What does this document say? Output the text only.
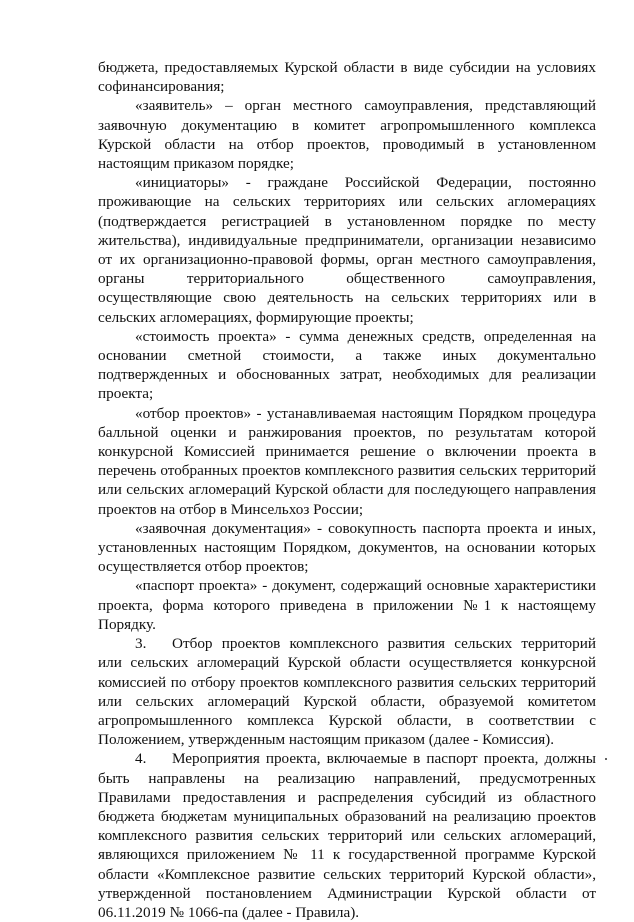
бюджета, предоставляемых Курской области в виде субсидии на условиях софинансирования;

«заявитель» – орган местного самоуправления, представляющий заявочную документацию в комитет агропромышленного комплекса Курской области на отбор проектов, проводимый в установленном настоящим приказом порядке;

«инициаторы» - граждане Российской Федерации, постоянно проживающие на сельских территориях или сельских агломерациях (подтверждается регистрацией в установленном порядке по месту жительства), индивидуальные предприниматели, организации независимо от их организационно-правовой формы, орган местного самоуправления, органы территориального общественного самоуправления, осуществляющие свою деятельность на сельских территориях или в сельских агломерациях, формирующие проекты;

«стоимость проекта» - сумма денежных средств, определенная на основании сметной стоимости, а также иных документально подтвержденных и обоснованных затрат, необходимых для реализации проекта;

«отбор проектов» - устанавливаемая настоящим Порядком процедура балльной оценки и ранжирования проектов, по результатам которой конкурсной Комиссией принимается решение о включении проекта в перечень отобранных проектов комплексного развития сельских территорий или сельских агломераций Курской области для последующего направления проектов на отбор в Минсельхоз России;

«заявочная документация» - совокупность паспорта проекта и иных, установленных настоящим Порядком, документов, на основании которых осуществляется отбор проектов;

«паспорт проекта» - документ, содержащий основные характеристики проекта, форма которого приведена в приложении №1 к настоящему Порядку.

3. Отбор проектов комплексного развития сельских территорий или сельских агломераций Курской области осуществляется конкурсной комиссией по отбору проектов комплексного развития сельских территорий или сельских агломераций Курской области, образуемой комитетом агропромышленного комплекса Курской области, в соответствии с Положением, утвержденным настоящим приказом (далее - Комиссия).

4. Мероприятия проекта, включаемые в паспорт проекта, должны быть направлены на реализацию направлений, предусмотренных Правилами предоставления и распределения субсидий из областного бюджета бюджетам муниципальных образований на реализацию проектов комплексного развития сельских территорий или сельских агломераций, являющихся приложением № 11 к государственной программе Курской области «Комплексное развитие сельских территорий Курской области», утвержденной постановлением Администрации Курской области от 06.11.2019 № 1066-па (далее - Правила).
